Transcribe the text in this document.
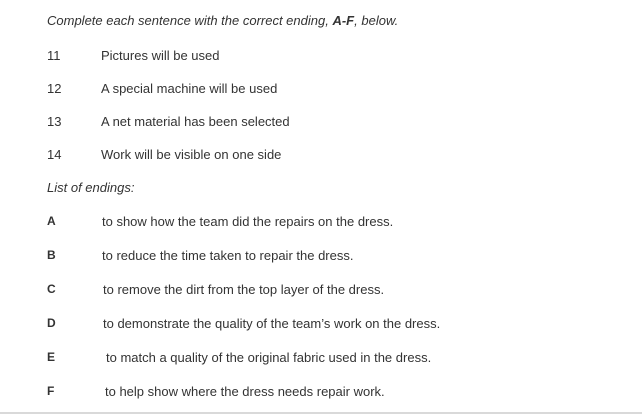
Complete each sentence with the correct ending, A-F, below.
11	Pictures will be used
12	A special machine will be used
13	A net material has been selected
14	Work will be visible on one side
List of endings:
A	to show how the team did the repairs on the dress.
B	to reduce the time taken to repair the dress.
C	to remove the dirt from the top layer of the dress.
D	to demonstrate the quality of the team’s work on the dress.
E	to match a quality of the original fabric used in the dress.
F	to help show where the dress needs repair work.
